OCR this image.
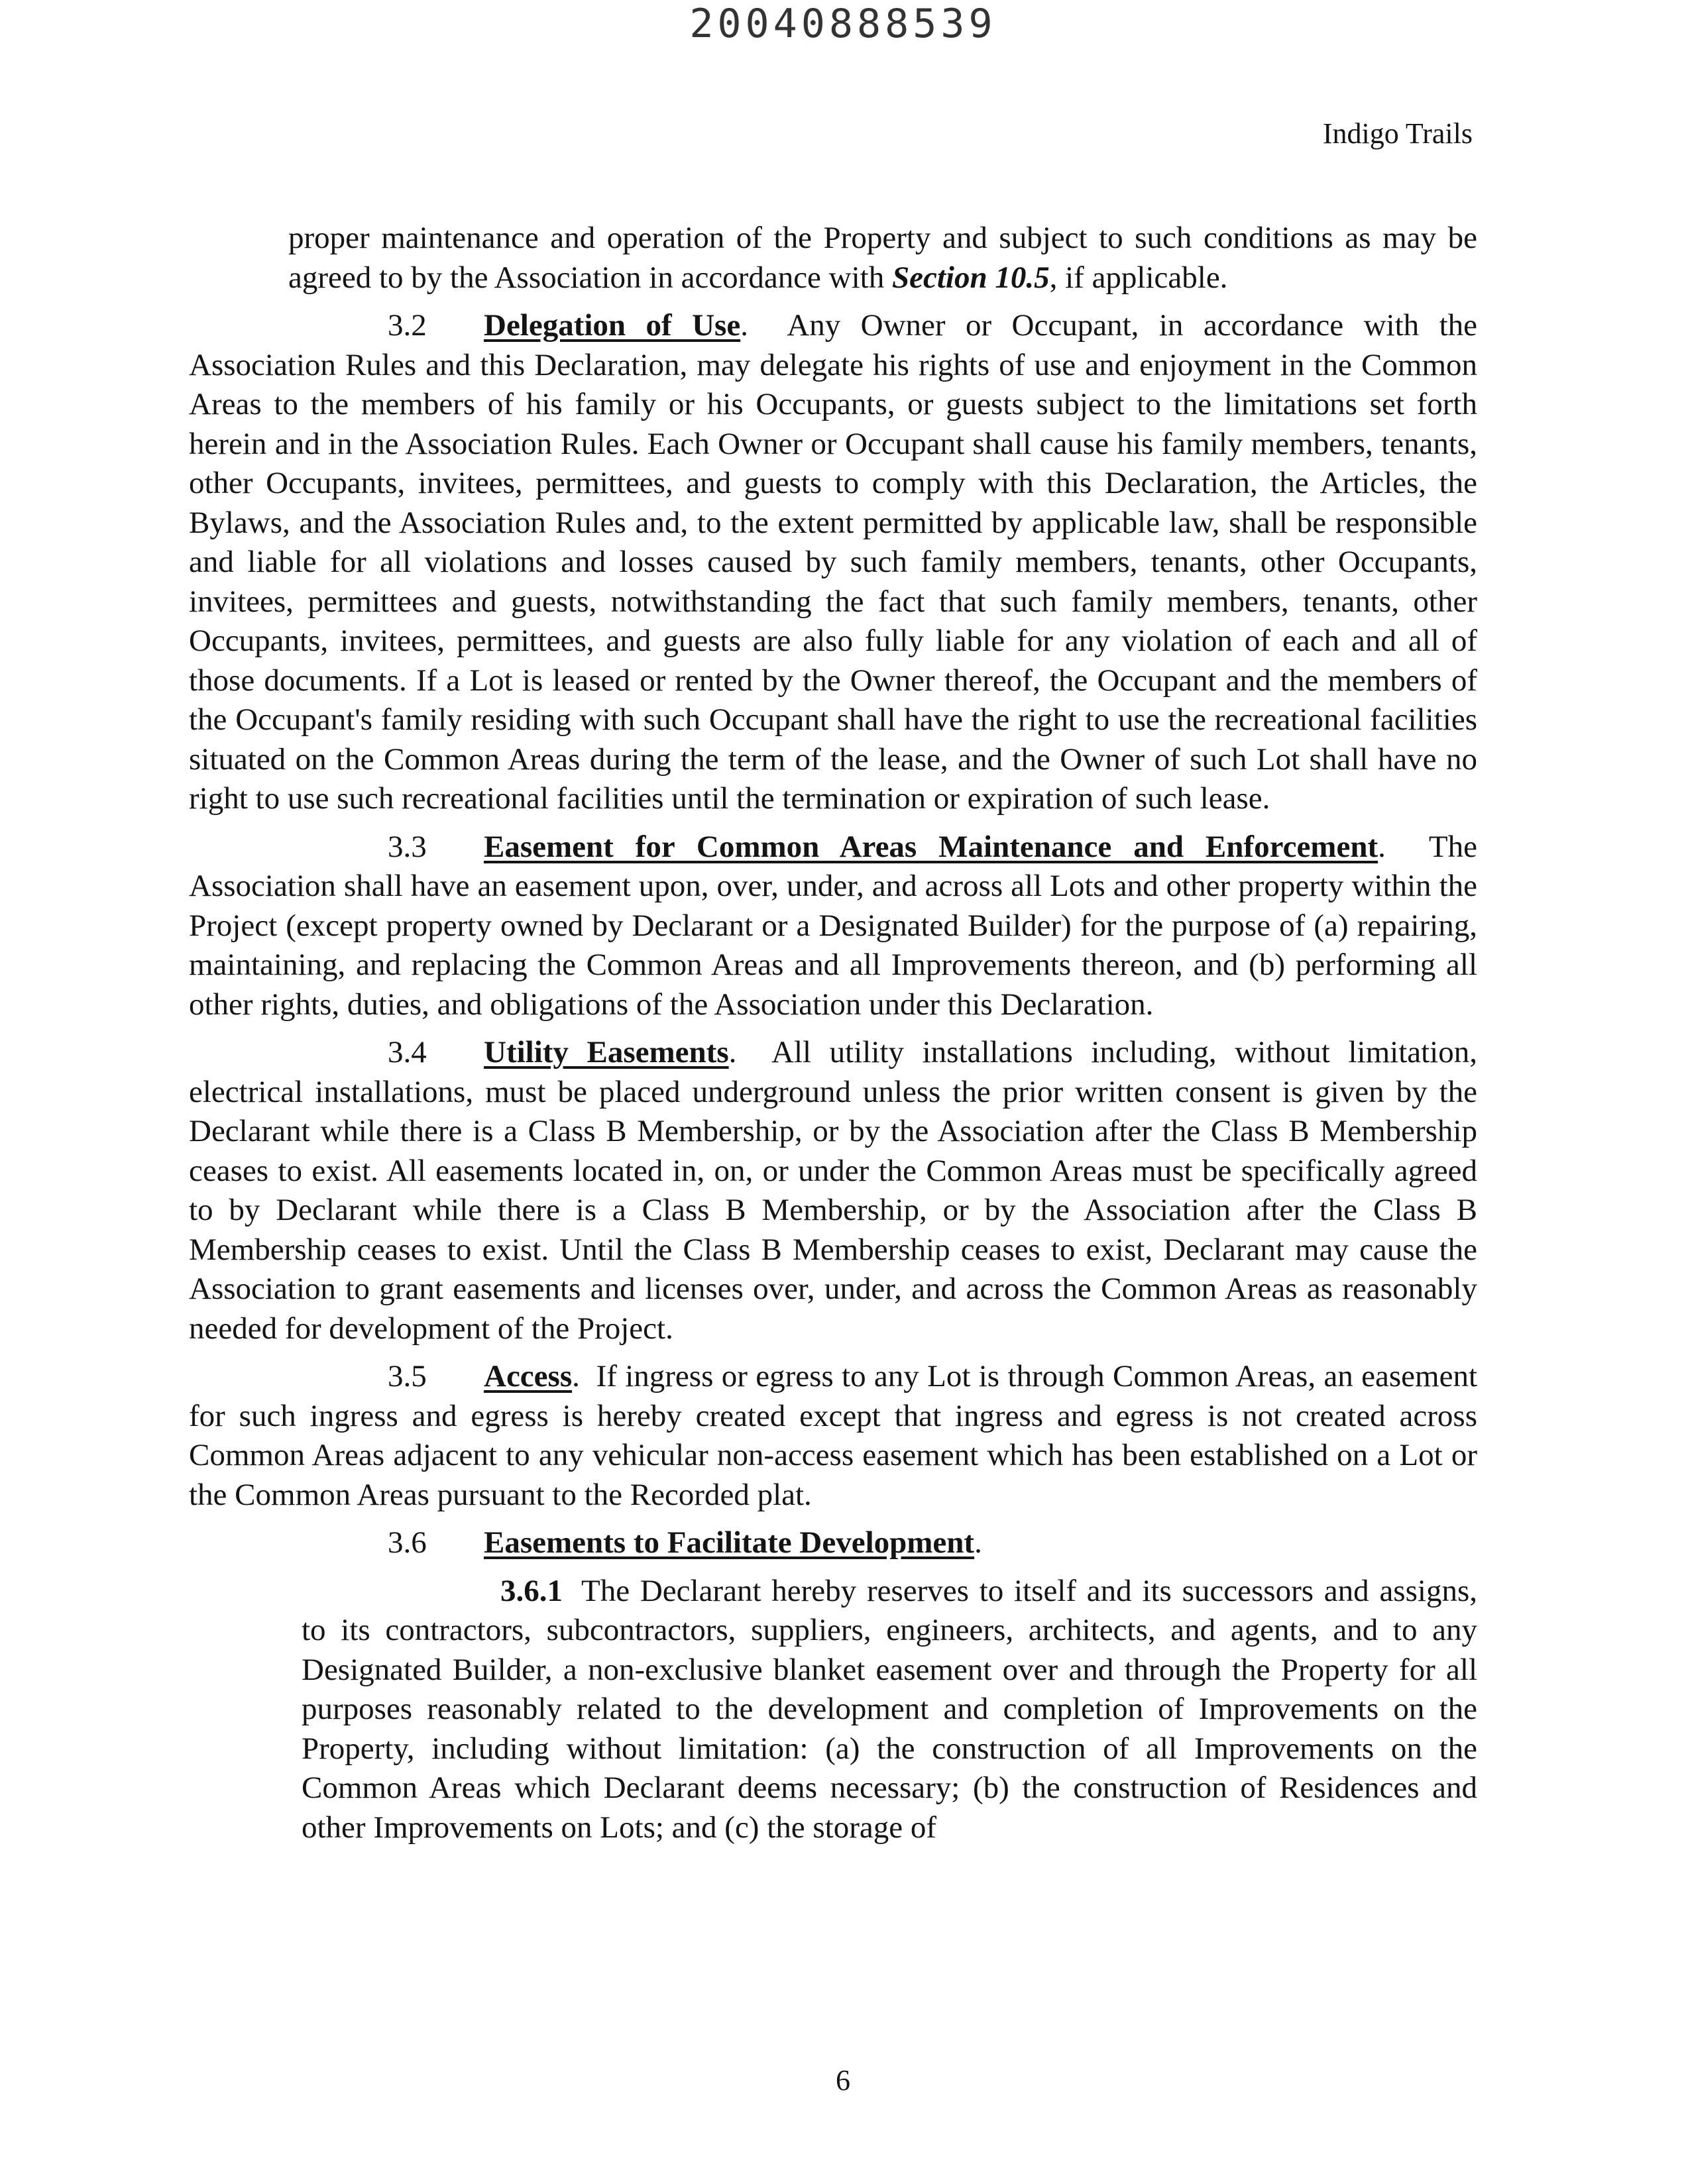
20040888539
Indigo Trails

proper maintenance and operation of the Property and subject to such conditions as may be agreed to by the Association in accordance with Section 10.5, if applicable.

3.2 Delegation of Use. Any Owner or Occupant, in accordance with the Association Rules and this Declaration, may delegate his rights of use and enjoyment in the Common Areas to the members of his family or his Occupants, or guests subject to the limitations set forth herein and in the Association Rules. Each Owner or Occupant shall cause his family members, tenants, other Occupants, invitees, permittees, and guests to comply with this Declaration, the Articles, the Bylaws, and the Association Rules and, to the extent permitted by applicable law, shall be responsible and liable for all violations and losses caused by such family members, tenants, other Occupants, invitees, permittees and guests, notwithstanding the fact that such family members, tenants, other Occupants, invitees, permittees, and guests are also fully liable for any violation of each and all of those documents. If a Lot is leased or rented by the Owner thereof, the Occupant and the members of the Occupant's family residing with such Occupant shall have the right to use the recreational facilities situated on the Common Areas during the term of the lease, and the Owner of such Lot shall have no right to use such recreational facilities until the termination or expiration of such lease.

3.3 Easement for Common Areas Maintenance and Enforcement. The Association shall have an easement upon, over, under, and across all Lots and other property within the Project (except property owned by Declarant or a Designated Builder) for the purpose of (a) repairing, maintaining, and replacing the Common Areas and all Improvements thereon, and (b) performing all other rights, duties, and obligations of the Association under this Declaration.

3.4 Utility Easements. All utility installations including, without limitation, electrical installations, must be placed underground unless the prior written consent is given by the Declarant while there is a Class B Membership, or by the Association after the Class B Membership ceases to exist. All easements located in, on, or under the Common Areas must be specifically agreed to by Declarant while there is a Class B Membership, or by the Association after the Class B Membership ceases to exist. Until the Class B Membership ceases to exist, Declarant may cause the Association to grant easements and licenses over, under, and across the Common Areas as reasonably needed for development of the Project.

3.5 Access. If ingress or egress to any Lot is through Common Areas, an easement for such ingress and egress is hereby created except that ingress and egress is not created across Common Areas adjacent to any vehicular non-access easement which has been established on a Lot or the Common Areas pursuant to the Recorded plat.

3.6 Easements to Facilitate Development.

3.6.1 The Declarant hereby reserves to itself and its successors and assigns, to its contractors, subcontractors, suppliers, engineers, architects, and agents, and to any Designated Builder, a non-exclusive blanket easement over and through the Property for all purposes reasonably related to the development and completion of Improvements on the Property, including without limitation: (a) the construction of all Improvements on the Common Areas which Declarant deems necessary; (b) the construction of Residences and other Improvements on Lots; and (c) the storage of

6
